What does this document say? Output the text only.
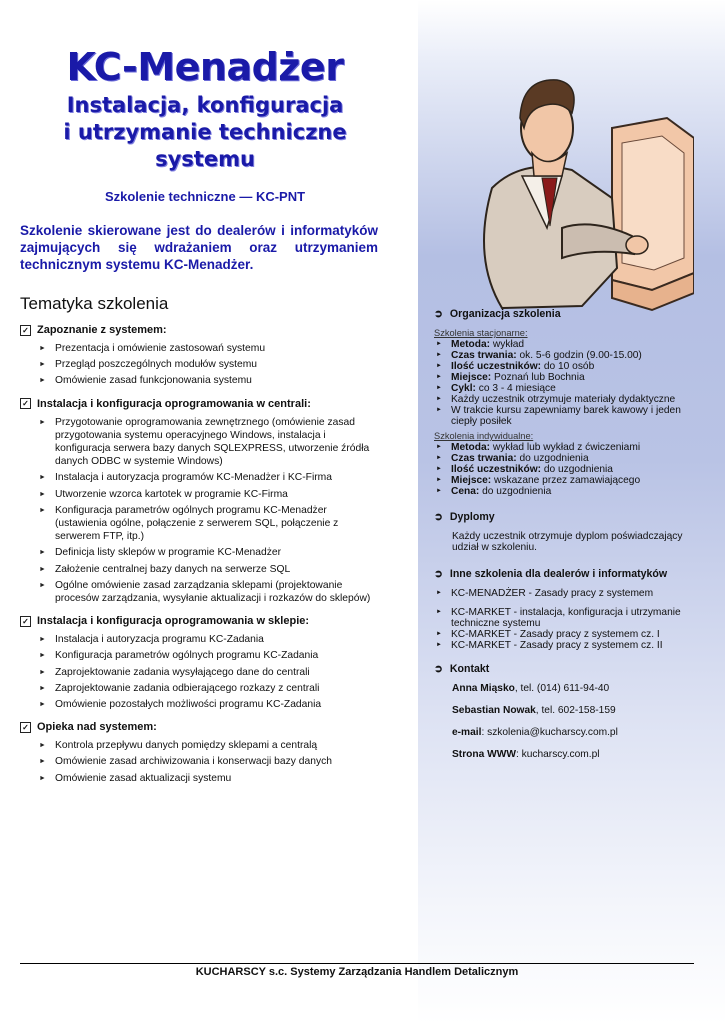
KC-Menadżer
Instalacja, konfiguracja
i utrzymanie techniczne
systemu
Szkolenie techniczne — KC-PNT
Szkolenie skierowane jest do dealerów i informatyków zajmujących się wdrażaniem oraz utrzymaniem technicznym systemu KC-Menadżer.
Tematyka szkolenia
✓ Zapoznanie z systemem:
► Prezentacja i omówienie zastosowań systemu
► Przegląd poszczególnych modułów systemu
► Omówienie zasad funkcjonowania systemu
✓ Instalacja i konfiguracja oprogramowania w centrali:
► Przygotowanie oprogramowania zewnętrznego (omówienie zasad przygotowania systemu operacyjnego Windows, instalacja i konfiguracja serwera bazy danych SQLEXPRESS, utworzenie źródła danych ODBC w systemie Windows)
► Instalacja i autoryzacja programów KC-Menadżer i KC-Firma
► Utworzenie wzorca kartotek w programie KC-Firma
► Konfiguracja parametrów ogólnych programu KC-Menadżer (ustawienia ogólne, połączenie z serwerem SQL, połączenie z serwerem FTP, itp.)
► Definicja listy sklepów w programie KC-Menadżer
► Założenie centralnej bazy danych na serwerze SQL
► Ogólne omówienie zasad zarządzania sklepami (projektowanie procesów zarządzania, wysyłanie aktualizacji i rozkazów do sklepów)
✓ Instalacja i konfiguracja oprogramowania w sklepie:
► Instalacja i autoryzacja programu KC-Zadania
► Konfiguracja parametrów ogólnych programu KC-Zadania
► Zaprojektowanie zadania wysyłającego dane do centrali
► Zaprojektowanie zadania odbierającego rozkazy z centrali
► Omówienie pozostałych możliwości programu KC-Zadania
✓ Opieka nad systemem:
► Kontrola przepływu danych pomiędzy sklepami a centralą
► Omówienie zasad archiwizowania i konserwacji bazy danych
► Omówienie zasad aktualizacji systemu
➲ Organizacja szkolenia
Szkolenia stacjonarne:
► Metoda: wykład
► Czas trwania: ok. 5-6 godzin (9.00-15.00)
► Ilość uczestników: do 10 osób
► Miejsce: Poznań lub Bochnia
► Cykl: co 3 - 4 miesiące
► Każdy uczestnik otrzymuje materiały dydaktyczne
► W trakcie kursu zapewniamy barek kawowy i jeden ciepły posiłek
Szkolenia indywidualne:
► Metoda: wykład lub wykład z ćwiczeniami
► Czas trwania: do uzgodnienia
► Ilość uczestników: do uzgodnienia
► Miejsce: wskazane przez zamawiającego
► Cena: do uzgodnienia
➲ Dyplomy
Każdy uczestnik otrzymuje dyplom poświadczający udział w szkoleniu.
➲ Inne szkolenia dla dealerów i informatyków
► KC-MENADŻER - Zasady pracy z systemem
► KC-MARKET - instalacja, konfiguracja i utrzymanie techniczne systemu
► KC-MARKET - Zasady pracy z systemem cz. I
► KC-MARKET - Zasady pracy z systemem cz. II
➲ Kontakt
Anna Miąsko, tel. (014) 611-94-40
Sebastian Nowak, tel. 602-158-159
e-mail: szkolenia@kucharscy.com.pl
Strona WWW: kucharscy.com.pl
KUCHARSCY s.c. Systemy Zarządzania Handlem Detalicznym
